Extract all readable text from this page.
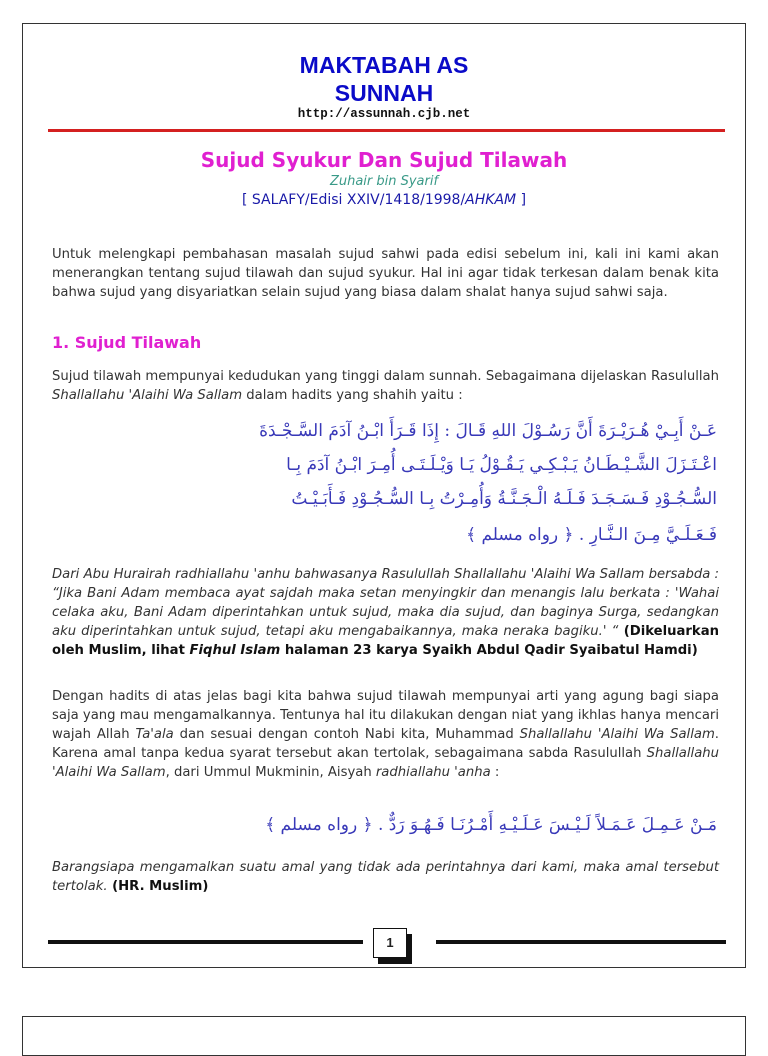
MAKTABAH AS
SUNNAH
http://assunnah.cjb.net
Sujud Syukur Dan Sujud Tilawah
Zuhair bin Syarif
[ SALAFY/Edisi XXIV/1418/1998/AHKAM ]
Untuk melengkapi pembahasan masalah sujud sahwi pada edisi sebelum ini, kali ini kami akan menerangkan tentang sujud tilawah dan sujud syukur. Hal ini agar tidak terkesan dalam benak kita bahwa sujud yang disyariatkan selain sujud yang biasa dalam shalat hanya sujud sahwi saja.
1. Sujud Tilawah
Sujud tilawah mempunyai kedudukan yang tinggi dalam sunnah. Sebagaimana dijelaskan Rasulullah Shallallahu 'Alaihi Wa Sallam dalam hadits yang shahih yaitu :
عَـنْ أَبِـيْ هُـرَيْـرَةَ أَنَّ رَسُـوْلَ اللهِ قَـالَ : إِذَا قَـرَأَ ابْـنُ آدَمَ السَّـجْـدَةَ
اعْـتَـزَلَ الشَّـيْـطَـانُ يَـبْـكِـي يَـقُـوْلُ يَـا وَيْـلَـتَـى أُمِـرَ ابْـنُ آدَمَ بِـا
السُّـجُـوْدِ فَـسَـجَـدَ فَـلَـهُ الْـجَـنَّـةُ وَأُمِـرْتُ بِـا السُّـجُـوْدِ فَـأَبَـيْـتُ
فَـعَـلَـيَّ مِـنَ الـنَّـارِ . ﴿ رواه مسلم ﴾
Dari Abu Hurairah radhiallahu 'anhu bahwasanya Rasulullah Shallallahu 'Alaihi Wa Sallam bersabda : “Jika Bani Adam membaca ayat sajdah maka setan menyingkir dan menangis lalu berkata : 'Wahai celaka aku, Bani Adam diperintahkan untuk sujud, maka dia sujud, dan baginya Surga, sedangkan aku diperintahkan untuk sujud, tetapi aku mengabaikannya, maka neraka bagiku.' “ (Dikeluarkan oleh Muslim, lihat Fiqhul Islam halaman 23 karya Syaikh Abdul Qadir Syaibatul Hamdi)
Dengan hadits di atas jelas bagi kita bahwa sujud tilawah mempunyai arti yang agung bagi siapa saja yang mau mengamalkannya. Tentunya hal itu dilakukan dengan niat yang ikhlas hanya mencari wajah Allah Ta'ala dan sesuai dengan contoh Nabi kita, Muhammad Shallallahu 'Alaihi Wa Sallam. Karena amal tanpa kedua syarat tersebut akan tertolak, sebagaimana sabda Rasulullah Shallallahu 'Alaihi Wa Sallam, dari Ummul Mukminin, Aisyah radhiallahu 'anha :
مَـنْ عَـمِـلَ عَـمَـلاً لَـيْـسَ عَـلَـيْـهِ أَمْـرُنَـا فَـهُـوَ رَدٌّ . ﴿ رواه مسلم ﴾
Barangsiapa mengamalkan suatu amal yang tidak ada perintahnya dari kami, maka amal tersebut tertolak. (HR. Muslim)
1
